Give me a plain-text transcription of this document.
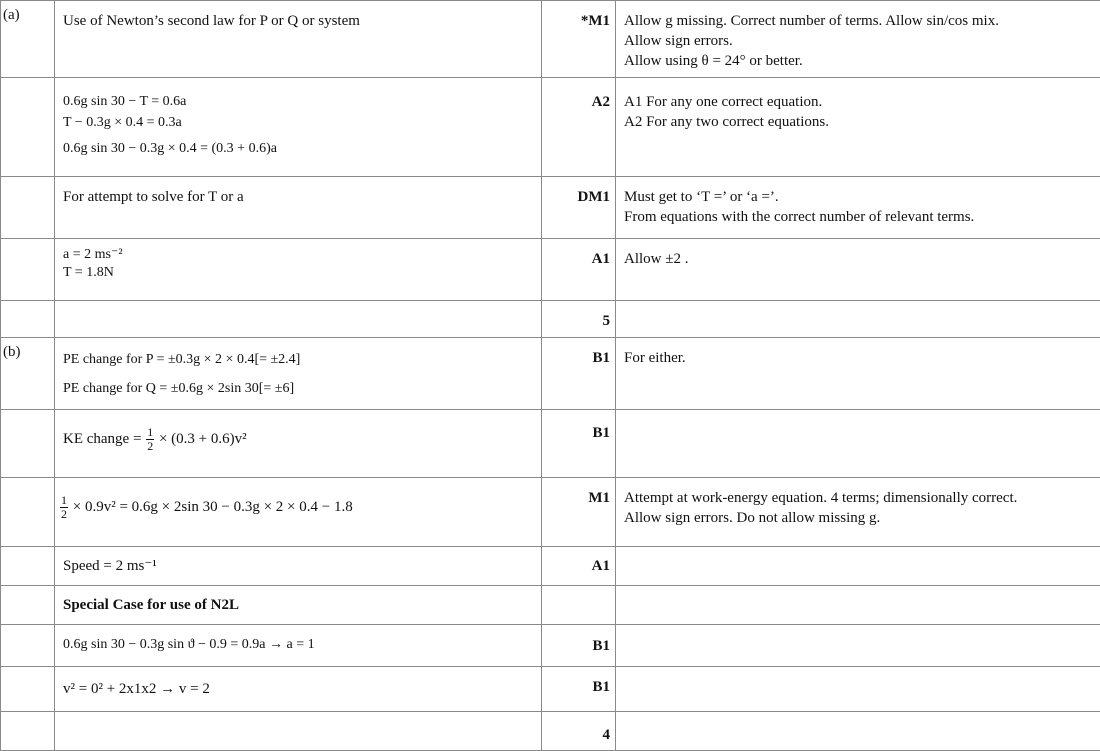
(a)	Use of Newton’s second law for P or Q or system	*M1	Allow g missing. Correct number of terms. Allow sin/cos mix.
Allow sign errors.
Allow using θ = 24° or better.

	0.6g sin 30 − T = 0.6a
T − 0.3g × 0.4 = 0.3a
0.6g sin 30 − 0.3g × 0.4 = (0.3 + 0.6)a	A2	A1 For any one correct equation.
A2 For any two correct equations.

	For attempt to solve for T or a	DM1	Must get to ‘T =’ or ‘a =’.
From equations with the correct number of relevant terms.

	a = 2 ms⁻²
T = 1.8N	A1	Allow ±2 .

		5	
(b)	PE change for P = ±0.3g × 2 × 0.4[= ±2.4]
PE change for Q = ±0.6g × 2sin 30[= ±6]	B1	For either.

	KE change = $\frac{1}{2} \times (0.3 + 0.6)v^2$	B1	

	$\frac{1}{2} \times 0.9v^2 = 0.6g \times 2\sin$ 30 − 0.3g × 2 × 0.4 − 1.8	M1	Attempt at work-energy equation. 4 terms; dimensionally correct.
Allow sign errors. Do not allow missing g.

	Speed = 2 ms⁻¹	A1	

	Special Case for use of N2L		

	0.6g sin 30 − 0.3g sin ϑ − 0.9 = 0.9a → a = 1	B1	

	v² = 0² + 2x1x2 → v = 2	B1	
		4	
